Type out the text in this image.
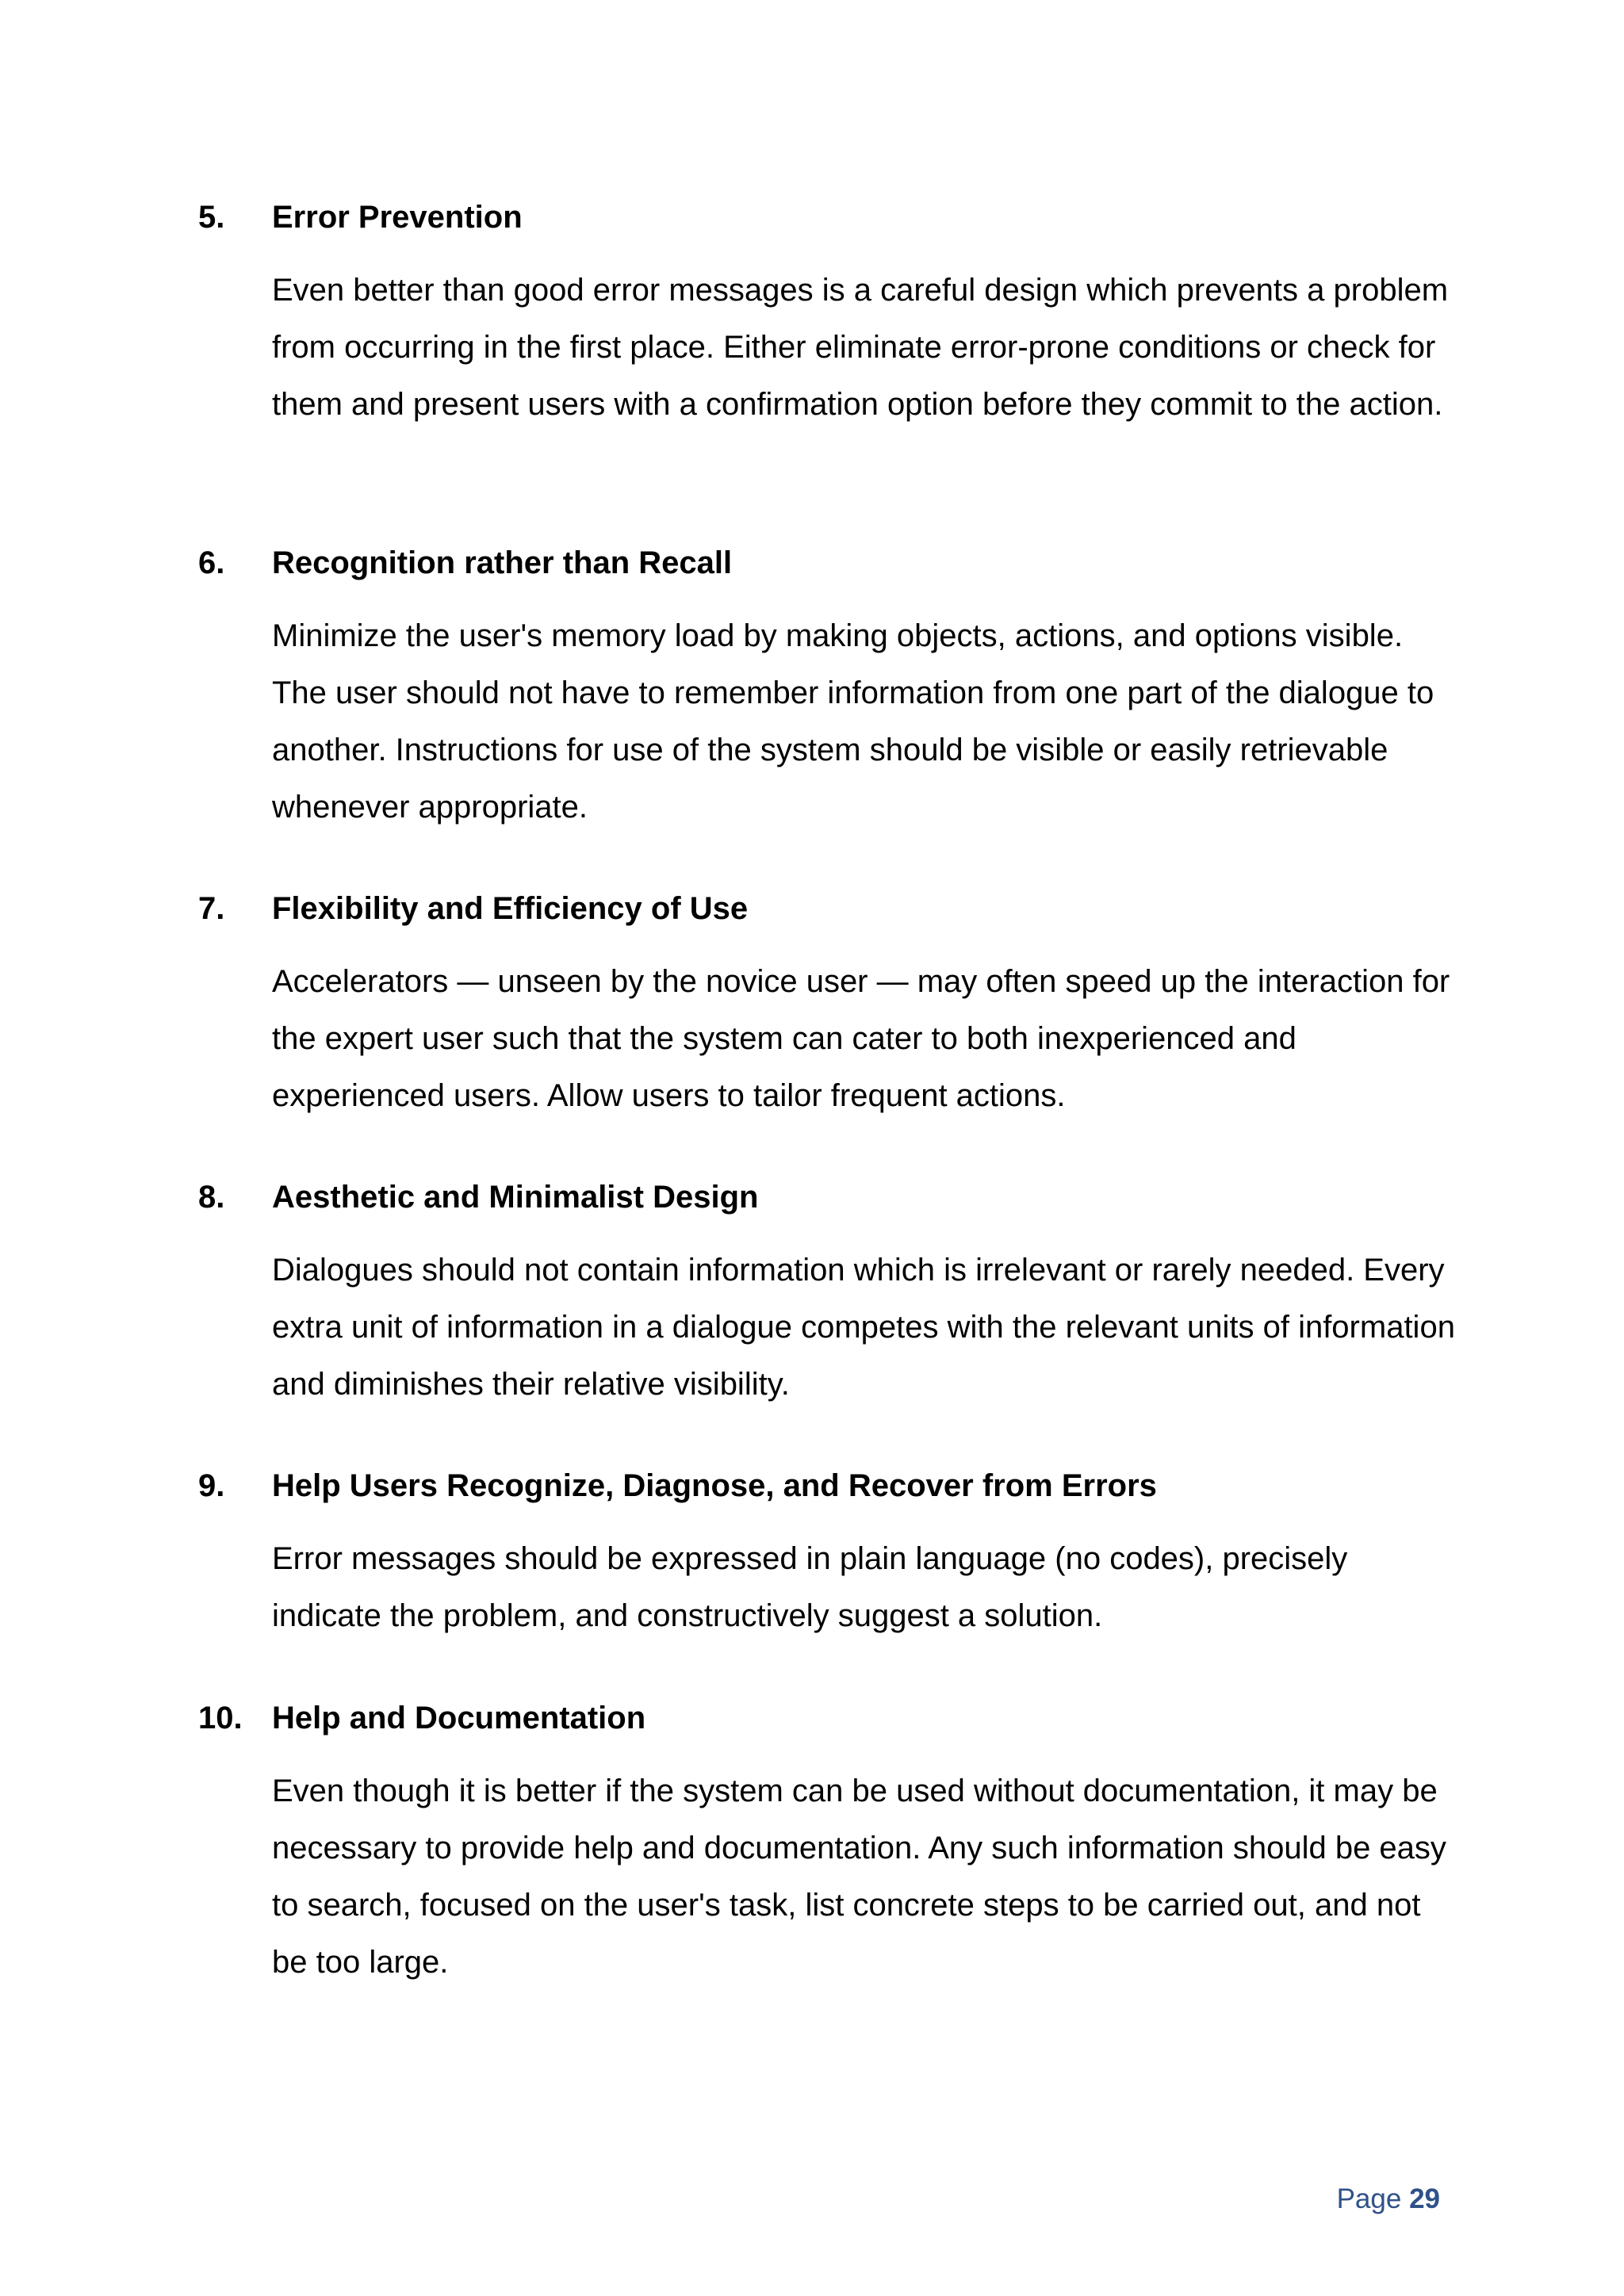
5. Error Prevention
Even better than good error messages is a careful design which prevents a problem from occurring in the first place. Either eliminate error-prone conditions or check for them and present users with a confirmation option before they commit to the action.
6. Recognition rather than Recall
Minimize the user's memory load by making objects, actions, and options visible. The user should not have to remember information from one part of the dialogue to another. Instructions for use of the system should be visible or easily retrievable whenever appropriate.
7. Flexibility and Efficiency of Use
Accelerators — unseen by the novice user — may often speed up the interaction for the expert user such that the system can cater to both inexperienced and experienced users. Allow users to tailor frequent actions.
8. Aesthetic and Minimalist Design
Dialogues should not contain information which is irrelevant or rarely needed. Every extra unit of information in a dialogue competes with the relevant units of information and diminishes their relative visibility.
9. Help Users Recognize, Diagnose, and Recover from Errors
Error messages should be expressed in plain language (no codes), precisely indicate the problem, and constructively suggest a solution.
10. Help and Documentation
Even though it is better if the system can be used without documentation, it may be necessary to provide help and documentation. Any such information should be easy to search, focused on the user's task, list concrete steps to be carried out, and not be too large.
Page 29
